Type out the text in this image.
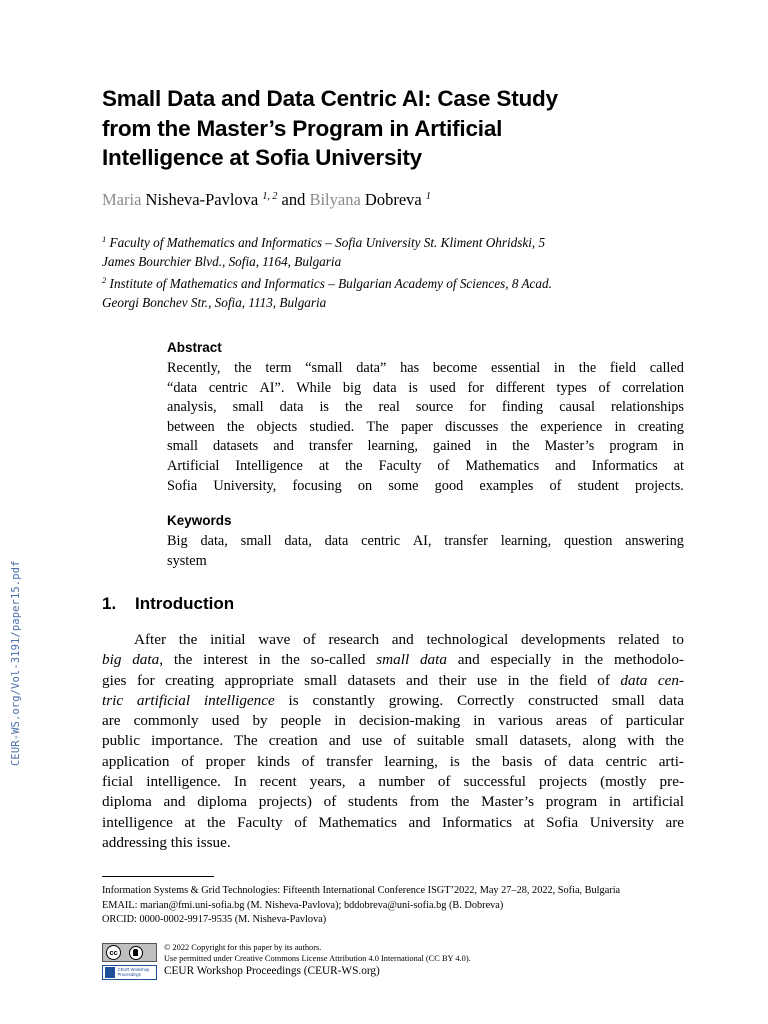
CEUR-WS.org/Vol-3191/paper15.pdf
Small Data and Data Centric AI: Case Study
from the Master’s Program in Artificial
Intelligence at Sofia University
Maria Nisheva-Pavlova $^{1, 2}$ and Bilyana Dobreva $^1$
$^1$ Faculty of Mathematics and Informatics – Sofia University St. Kliment Ohridski, 5
James Bourchier Blvd., Sofia, 1164, Bulgaria
$^2$ Institute of Mathematics and Informatics – Bulgarian Academy of Sciences, 8 Acad.
Georgi Bonchev Str., Sofia, 1113, Bulgaria
Abstract
Recently, the term “small data” has become essential in the field called
“data centric AI”. While big data is used for different types of correlation
analysis, small data is the real source for finding causal relationships
between the objects studied. The paper discusses the experience in creating
small datasets and transfer learning, gained in the Master’s program in
Artificial Intelligence at the Faculty of Mathematics and Informatics at
Sofia University, focusing on some good examples of student projects.
Keywords
Big data, small data, data centric AI, transfer learning, question answering
system
1. Introduction
After the initial wave of research and technological developments related to
big data, the interest in the so-called small data and especially in the methodolo-
gies for creating appropriate small datasets and their use in the field of data cen-
tric artificial intelligence is constantly growing. Correctly constructed small data
are commonly used by people in decision-making in various areas of particular
public importance. The creation and use of suitable small datasets, along with the
application of proper kinds of transfer learning, is the basis of data centric arti-
ficial intelligence. In recent years, a number of successful projects (mostly pre-
diploma and diploma projects) of students from the Master’s program in artificial
intelligence at the Faculty of Mathematics and Informatics at Sofia University are
addressing this issue.
Information Systems & Grid Technologies: Fifteenth International Conference ISGT’2022, May 27–28, 2022, Sofia, Bulgaria
EMAIL: marian@fmi.uni-sofia.bg (M. Nisheva-Pavlova); bddobreva@uni-sofia.bg (B. Dobreva)
ORCID: 0000-0002-9917-9535 (M. Nisheva-Pavlova)
cc
© 2022 Copyright for this paper by its authors.
Use permitted under Creative Commons License Attribution 4.0 International (CC BY 4.0).
CEUR Workshop Proceedings	CEUR Workshop Proceedings (CEUR-WS.org)
